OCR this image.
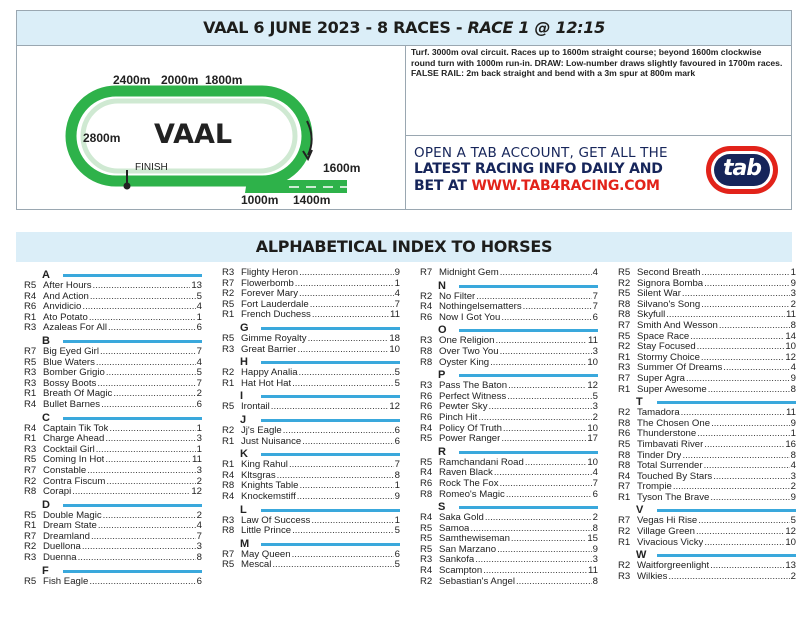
VAAL 6 JUNE 2023 - 8 RACES - RACE 1 @ 12:15
2400m 2000m 1800m
2800m
1600m
1000m 1400m
FINISH
VAAL
Turf. 3000m oval circuit. Races up to 1600m straight course; beyond 1600m clockwise round turn with 1000m run-in. DRAW: Low-number draws slightly favoured in 1700m races. FALSE RAIL: 2m back straight and bend with a 3m spur at 800m mark
OPEN A TAB ACCOUNT, GET ALL THE
LATEST RACING INFO DAILY AND
BET AT WWW.TAB4RACING.COM
tab
ALPHABETICAL INDEX TO HORSES
A
R5 After Hours .....	13
R4 And Action .....	5
R6 Anvidicio .....	4
R1 Ato Potato .....	1
R3 Azaleas For All .....	6
B
R7 Big Eyed Girl .....	7
R5 Blue Waters .....	4
R3 Bomber Grigio .....	5
R3 Bossy Boots .....	7
R1 Breath Of Magic .....	2
R4 Bullet Barnes .....	6
C
R4 Captain Tik Tok .....	1
R1 Charge Ahead .....	3
R3 Cocktail Girl .....	1
R5 Coming In Hot .....	11
R7 Constable .....	3
R2 Contra Fiscum .....	2
R8 Corapi .....	12
D
R5 Double Magic .....	2
R1 Dream State .....	4
R7 Dreamland .....	7
R2 Duellona .....	3
R3 Duenna .....	8
F
R5 Fish Eagle .....	6
R3 Flighty Heron .....	9
R7 Flowerbomb .....	1
R2 Forever Mary .....	4
R5 Fort Lauderdale .....	7
R1 French Duchess .....	11
G
R5 Gimme Royalty .....	18
R3 Great Barrier .....	10
H
R2 Happy Analia .....	5
R1 Hat Hot Hat .....	5
I
R5 Irontail .....	12
J
R2 Jj's Eagle .....	6
R1 Just Nuisance .....	6
K
R1 King Rahul .....	7
R4 Kltsgras .....	8
R8 Knights Table .....	1
R4 Knockemstiff .....	9
L
R3 Law Of Success .....	1
R8 Little Prince .....	5
M
R7 May Queen .....	6
R5 Mescal .....	5
R7 Midnight Gem .....	4
N
R2 No Filter .....	7
R4 Nothingelsematters .....	7
R6 Now I Got You .....	6
O
R3 One Religion .....	11
R8 Over Two You .....	3
R8 Oyster King .....	10
P
R3 Pass The Baton .....	12
R6 Perfect Witness .....	5
R6 Pewter Sky .....	3
R6 Pinch Hit .....	2
R4 Policy Of Truth .....	10
R5 Power Ranger .....	17
R
R5 Ramchandani Road .....	10
R4 Raven Black .....	4
R6 Rock The Fox .....	7
R8 Romeo's Magic .....	6
S
R4 Saka Gold .....	2
R5 Samoa .....	8
R5 Samthewiseman .....	15
R5 San Marzano .....	9
R3 Sankofa .....	3
R4 Scampton .....	11
R2 Sebastian's Angel .....	8
R5 Second Breath .....	1
R2 Signora Bomba .....	9
R5 Silent War .....	3
R8 Silvano's Song .....	2
R8 Skyfull .....	11
R7 Smith And Wesson .....	8
R5 Space Race .....	14
R2 Stay Focused .....	10
R1 Stormy Choice .....	12
R3 Summer Of Dreams .....	4
R7 Super Agra .....	9
R1 Super Awesome .....	8
T
R2 Tamadora .....	11
R8 The Chosen One .....	9
R6 Thunderstone .....	1
R5 Timbavati River .....	16
R8 Tinder Dry .....	8
R8 Total Surrender .....	4
R4 Touched By Stars .....	3
R7 Trompie .....	2
R1 Tyson The Brave .....	9
V
R7 Vegas Hi Rise .....	5
R2 Village Green .....	12
R1 Vivacious Vicky .....	10
W
R2 Waitforgreenlight .....	13
R3 Wilkies .....	2
